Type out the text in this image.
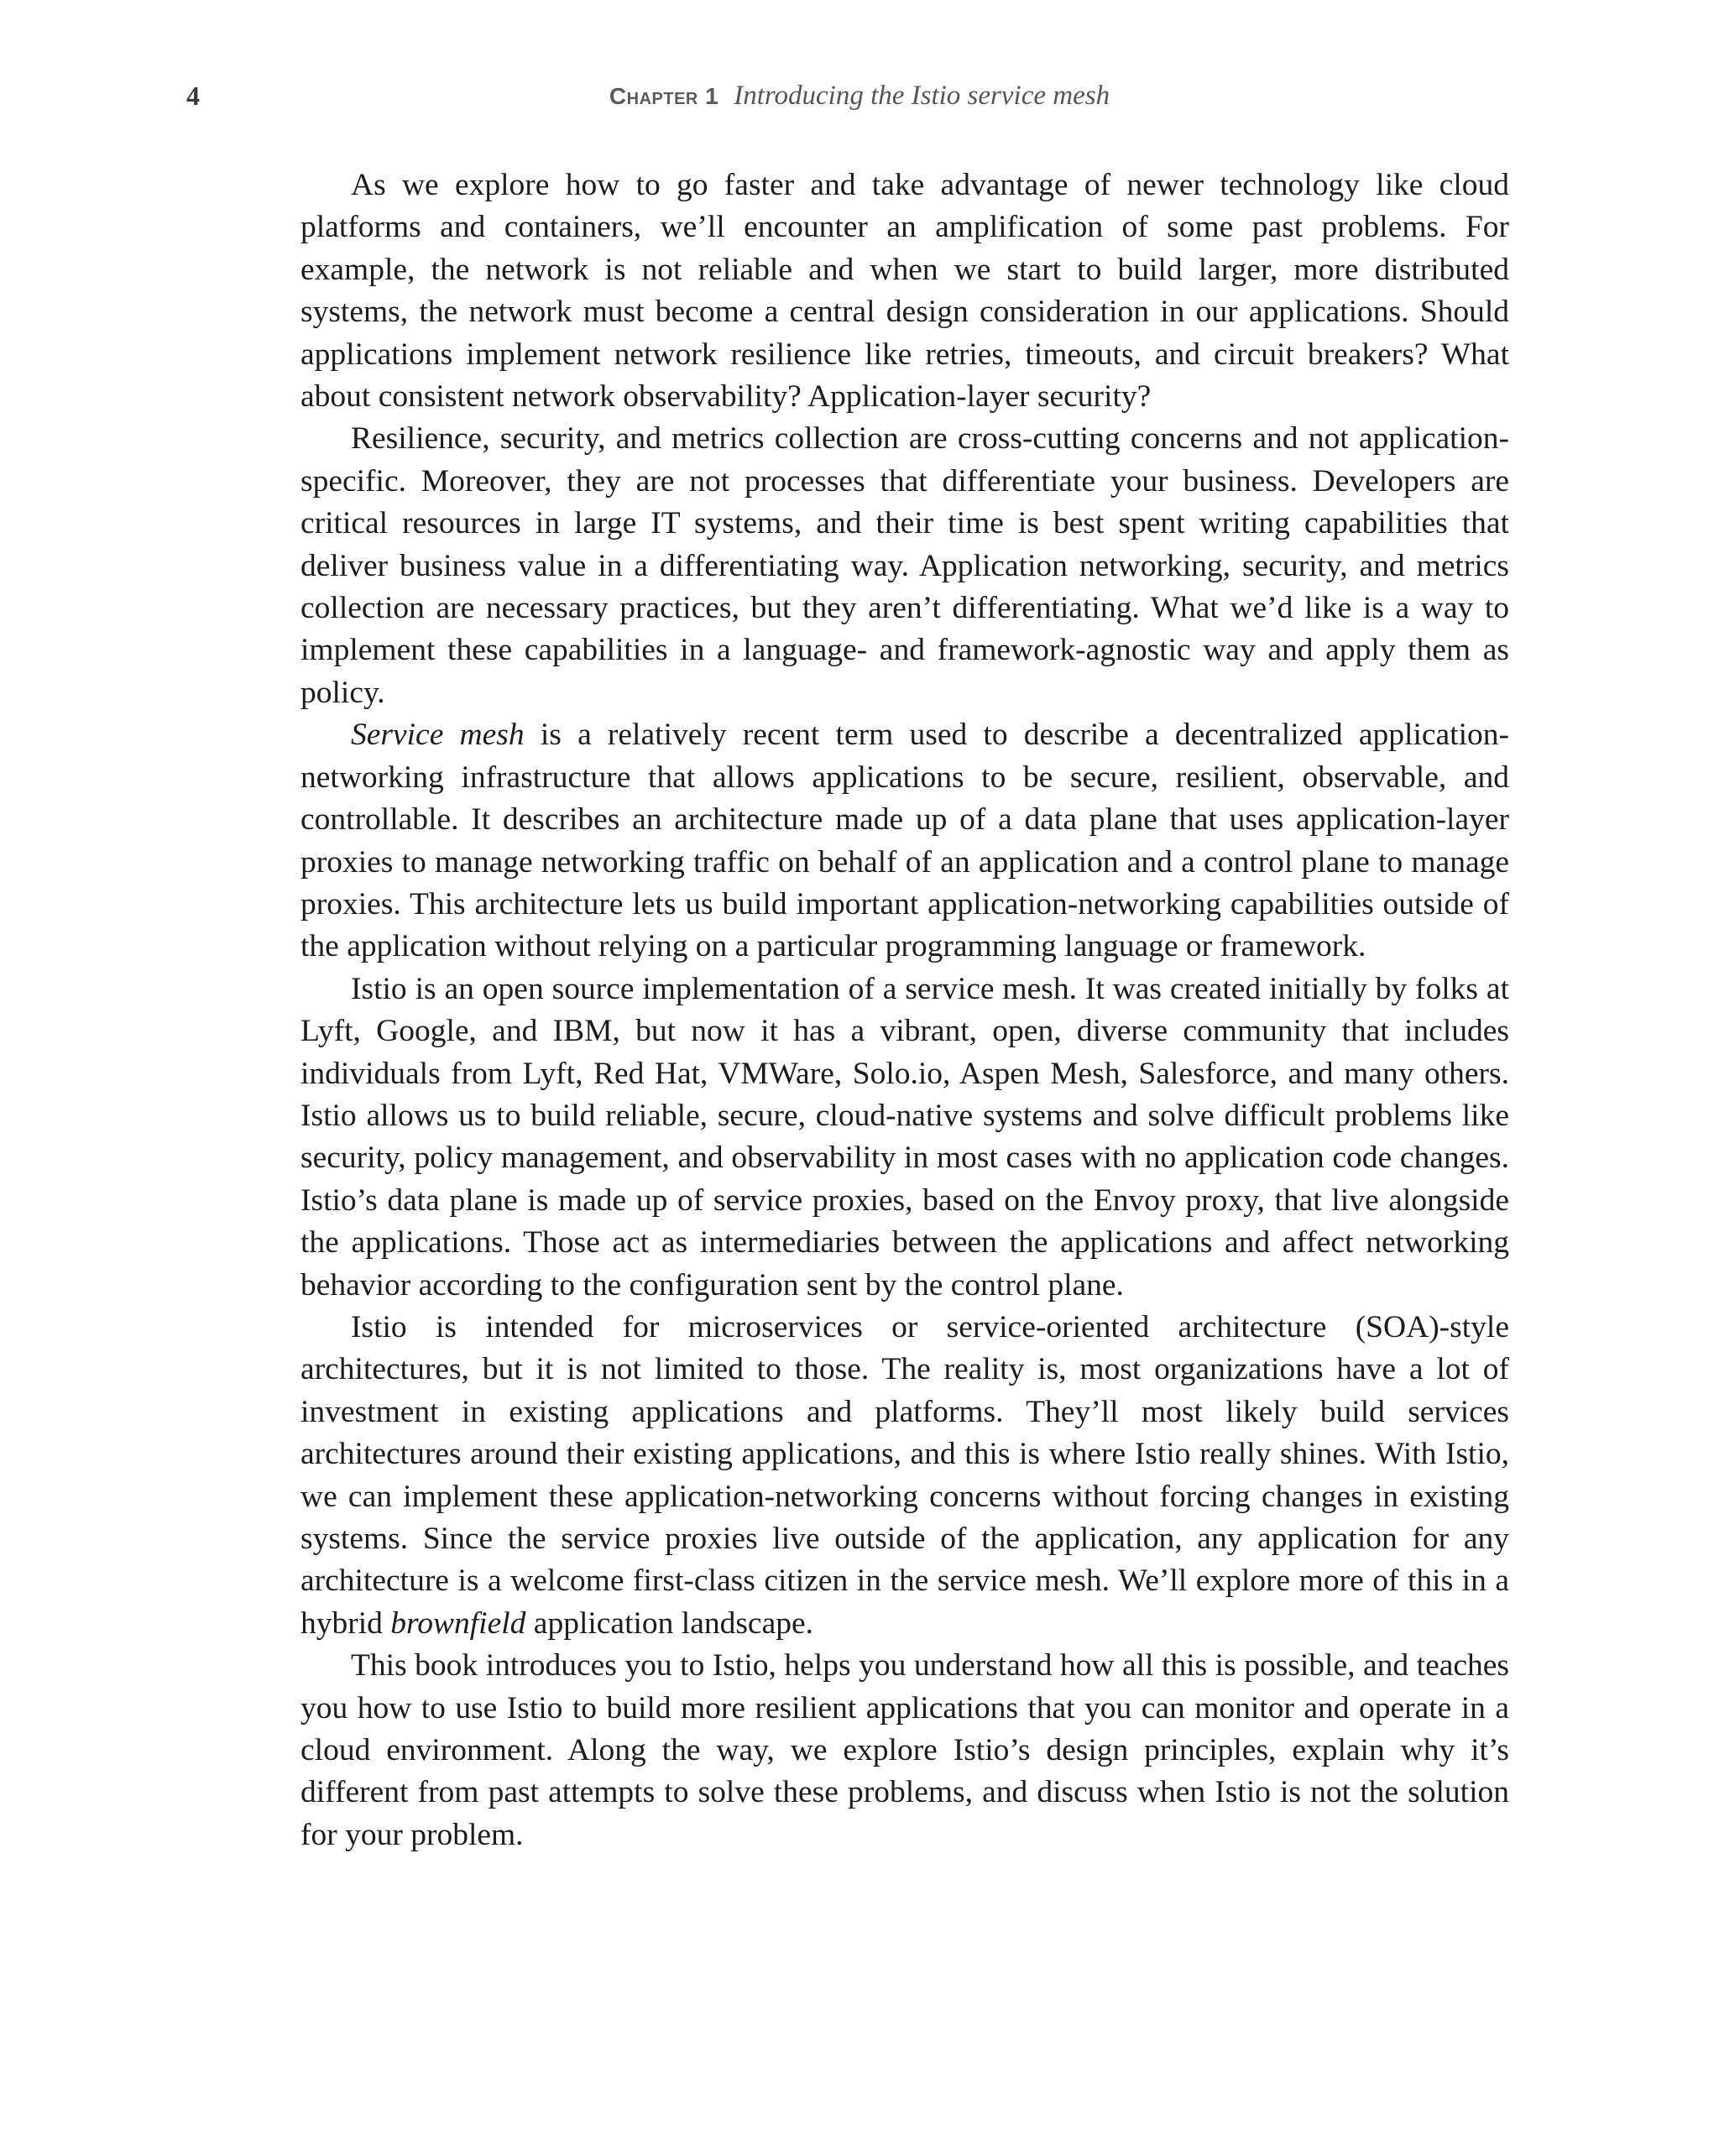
4	Chapter 1 Introducing the Istio service mesh

As we explore how to go faster and take advantage of newer technology like cloud platforms and containers, we’ll encounter an amplification of some past problems. For example, the network is not reliable and when we start to build larger, more distributed systems, the network must become a central design consideration in our applications. Should applications implement network resilience like retries, timeouts, and circuit breakers? What about consistent network observability? Application-layer security?

Resilience, security, and metrics collection are cross-cutting concerns and not application-specific. Moreover, they are not processes that differentiate your business. Developers are critical resources in large IT systems, and their time is best spent writing capabilities that deliver business value in a differentiating way. Application networking, security, and metrics collection are necessary practices, but they aren’t differentiating. What we’d like is a way to implement these capabilities in a language- and framework-agnostic way and apply them as policy.

Service mesh is a relatively recent term used to describe a decentralized application-networking infrastructure that allows applications to be secure, resilient, observable, and controllable. It describes an architecture made up of a data plane that uses application-layer proxies to manage networking traffic on behalf of an application and a control plane to manage proxies. This architecture lets us build important application-networking capabilities outside of the application without relying on a particular programming language or framework.

Istio is an open source implementation of a service mesh. It was created initially by folks at Lyft, Google, and IBM, but now it has a vibrant, open, diverse community that includes individuals from Lyft, Red Hat, VMWare, Solo.io, Aspen Mesh, Salesforce, and many others. Istio allows us to build reliable, secure, cloud-native systems and solve difficult problems like security, policy management, and observability in most cases with no application code changes. Istio’s data plane is made up of service proxies, based on the Envoy proxy, that live alongside the applications. Those act as intermediaries between the applications and affect networking behavior according to the configuration sent by the control plane.

Istio is intended for microservices or service-oriented architecture (SOA)-style architectures, but it is not limited to those. The reality is, most organizations have a lot of investment in existing applications and platforms. They’ll most likely build services architectures around their existing applications, and this is where Istio really shines. With Istio, we can implement these application-networking concerns without forcing changes in existing systems. Since the service proxies live outside of the application, any application for any architecture is a welcome first-class citizen in the service mesh. We’ll explore more of this in a hybrid brownfield application landscape.

This book introduces you to Istio, helps you understand how all this is possible, and teaches you how to use Istio to build more resilient applications that you can monitor and operate in a cloud environment. Along the way, we explore Istio’s design principles, explain why it’s different from past attempts to solve these problems, and discuss when Istio is not the solution for your problem.
